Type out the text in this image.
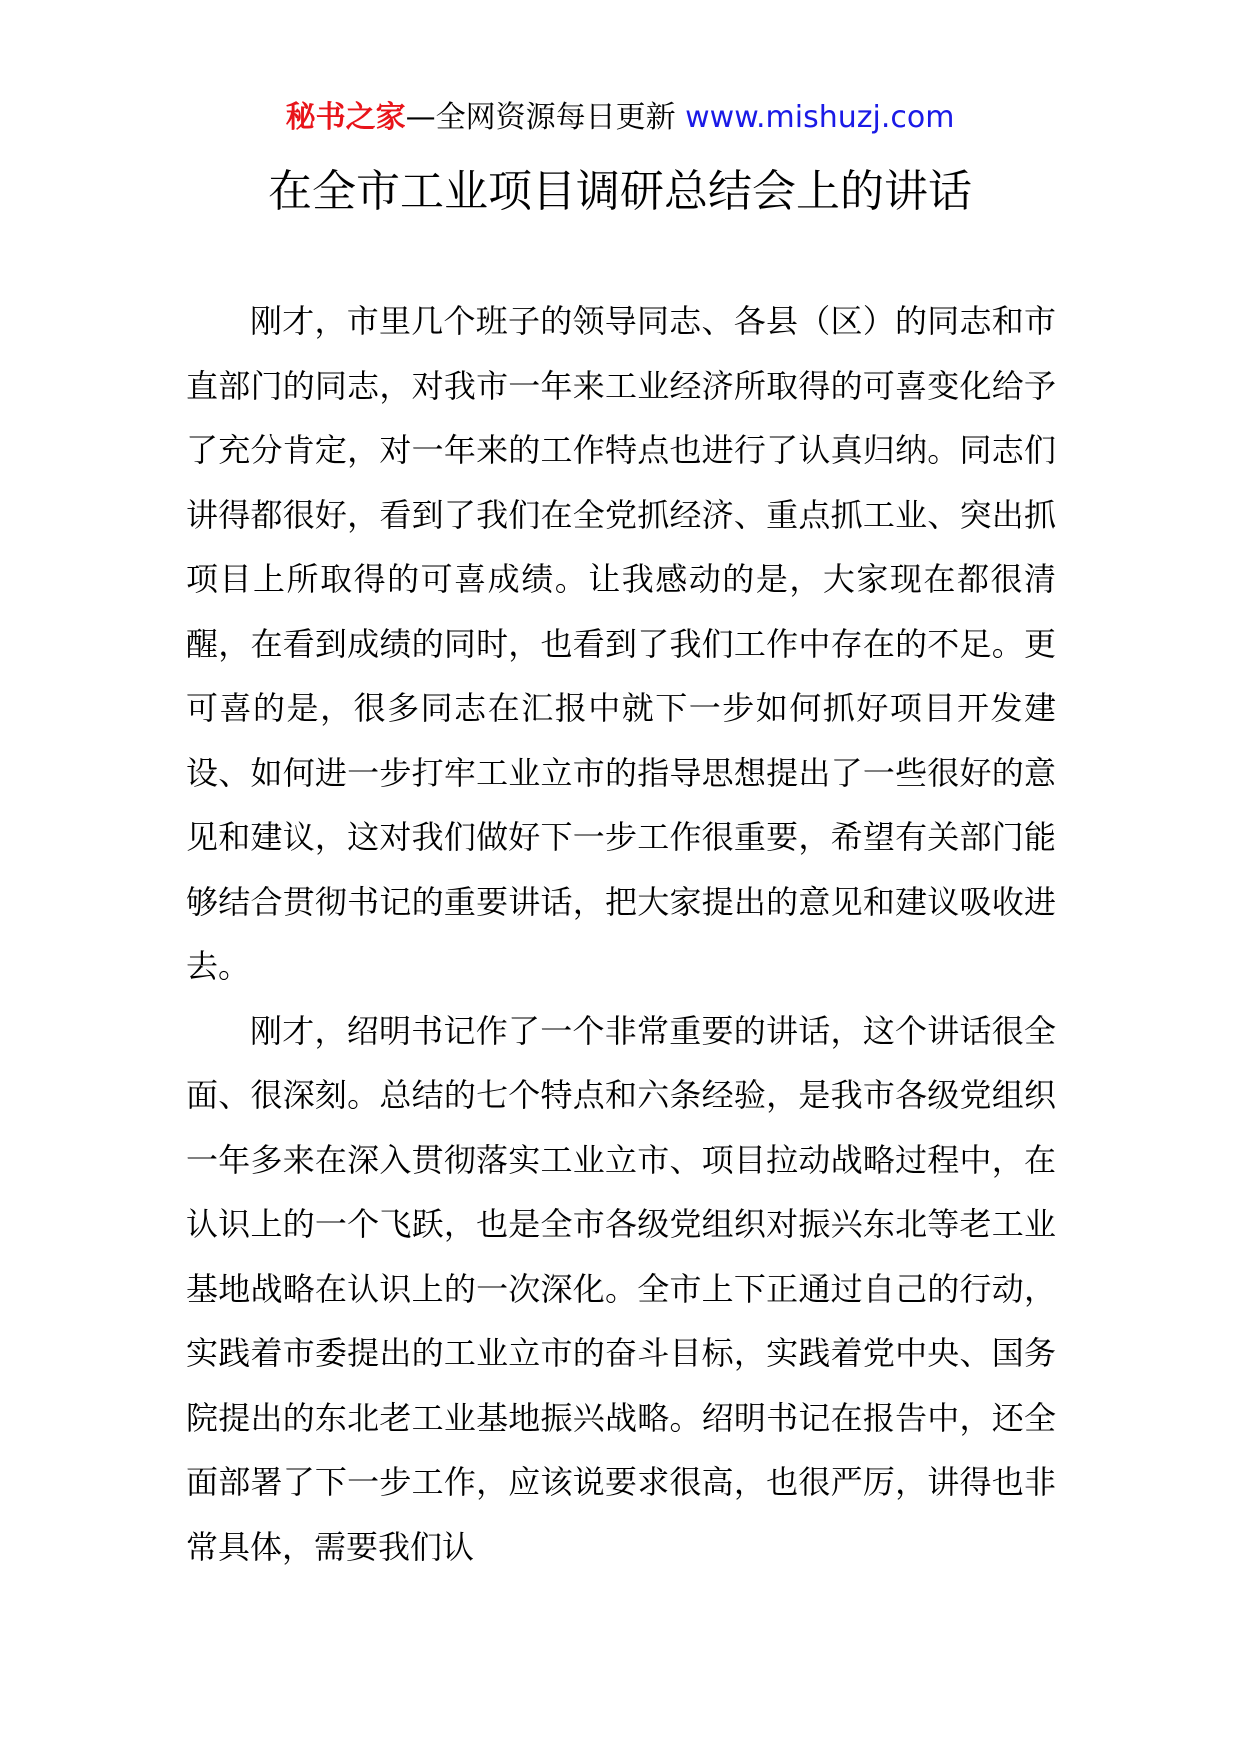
秘书之家—全网资源每日更新 www.mishuzj.com
在全市工业项目调研总结会上的讲话

刚才，市里几个班子的领导同志、各县（区）的同志和市直部门的同志，对我市一年来工业经济所取得的可喜变化给予了充分肯定，对一年来的工作特点也进行了认真归纳。同志们讲得都很好，看到了我们在全党抓经济、重点抓工业、突出抓项目上所取得的可喜成绩。让我感动的是，大家现在都很清醒，在看到成绩的同时，也看到了我们工作中存在的不足。更可喜的是，很多同志在汇报中就下一步如何抓好项目开发建设、如何进一步打牢工业立市的指导思想提出了一些很好的意见和建议，这对我们做好下一步工作很重要，希望有关部门能够结合贯彻书记的重要讲话，把大家提出的意见和建议吸收进去。

刚才，绍明书记作了一个非常重要的讲话，这个讲话很全面、很深刻。总结的七个特点和六条经验，是我市各级党组织一年多来在深入贯彻落实工业立市、项目拉动战略过程中，在认识上的一个飞跃，也是全市各级党组织对振兴东北等老工业基地战略在认识上的一次深化。全市上下正通过自己的行动，实践着市委提出的工业立市的奋斗目标，实践着党中央、国务院提出的东北老工业基地振兴战略。绍明书记在报告中，还全面部署了下一步工作，应该说要求很高，也很严厉，讲得也非常具体，需要我们认
